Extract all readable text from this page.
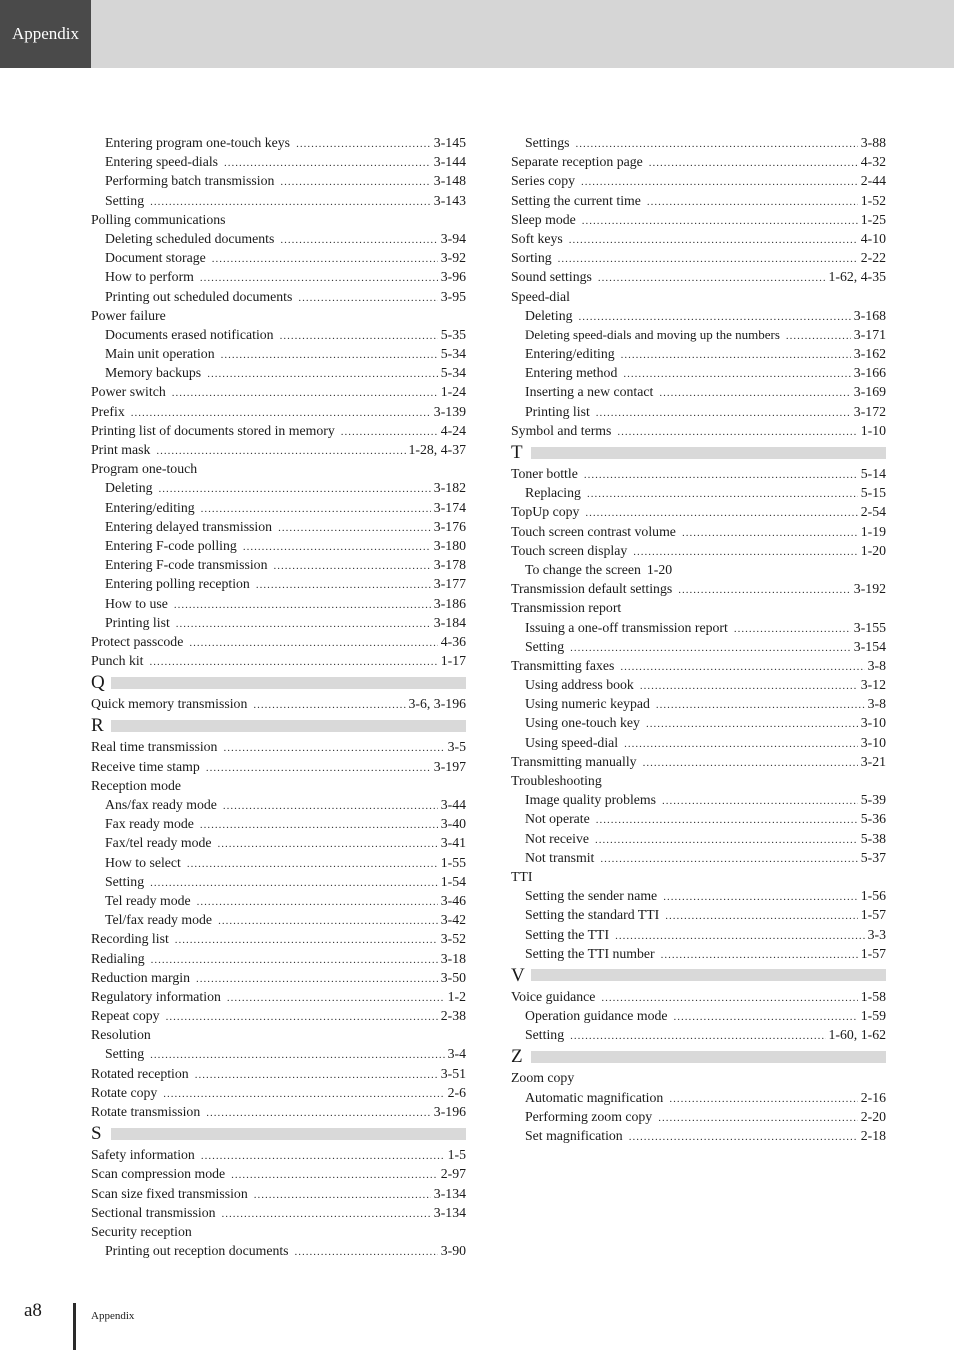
Appendix
Entering program one-touch keys .....	3-145
Entering speed-dials .....	3-144
Performing batch transmission .....	3-148
Setting .....	3-143
Polling communications
Deleting scheduled documents .....	3-94
Document storage .....	3-92
How to perform .....	3-96
Printing out scheduled documents .....	3-95
Power failure
Documents erased notification .....	5-35
Main unit operation .....	5-34
Memory backups .....	5-34
Power switch .....	1-24
Prefix .....	3-139
Printing list of documents stored in memory .....	4-24
Print mask .....	1-28, 4-37
Program one-touch
Deleting .....	3-182
Entering/editing .....	3-174
Entering delayed transmission .....	3-176
Entering F-code polling .....	3-180
Entering F-code transmission .....	3-178
Entering polling reception .....	3-177
How to use .....	3-186
Printing list .....	3-184
Protect passcode .....	4-36
Punch kit .....	1-17
Q
Quick memory transmission .....	3-6, 3-196
R
Real time transmission .....	3-5
Receive time stamp .....	3-197
Reception mode
Ans/fax ready mode .....	3-44
Fax ready mode .....	3-40
Fax/tel ready mode .....	3-41
How to select .....	1-55
Setting .....	1-54
Tel ready mode .....	3-46
Tel/fax ready mode .....	3-42
Recording list .....	3-52
Redialing .....	3-18
Reduction margin .....	3-50
Regulatory information .....	1-2
Repeat copy .....	2-38
Resolution
Setting .....	3-4
Rotated reception .....	3-51
Rotate copy .....	2-6
Rotate transmission .....	3-196
S
Safety information .....	1-5
Scan compression mode .....	2-97
Scan size fixed transmission .....	3-134
Sectional transmission .....	3-134
Security reception
Printing out reception documents .....	3-90
Settings .....	3-88
Separate reception page .....	4-32
Series copy .....	2-44
Setting the current time .....	1-52
Sleep mode .....	1-25
Soft keys .....	4-10
Sorting .....	2-22
Sound settings .....	1-62, 4-35
Speed-dial
Deleting .....	3-168
Deleting speed-dials and moving up the numbers .....	3-171
Entering/editing .....	3-162
Entering method .....	3-166
Inserting a new contact .....	3-169
Printing list .....	3-172
Symbol and terms .....	1-10
T
Toner bottle .....	5-14
Replacing .....	5-15
TopUp copy .....	2-54
Touch screen contrast volume .....	1-19
Touch screen display .....	1-20
To change the screen 1-20
Transmission default settings .....	3-192
Transmission report
Issuing a one-off transmission report .....	3-155
Setting .....	3-154
Transmitting faxes .....	3-8
Using address book .....	3-12
Using numeric keypad .....	3-8
Using one-touch key .....	3-10
Using speed-dial .....	3-10
Transmitting manually .....	3-21
Troubleshooting
Image quality problems .....	5-39
Not operate .....	5-36
Not receive .....	5-38
Not transmit .....	5-37
TTI
Setting the sender name .....	1-56
Setting the standard TTI .....	1-57
Setting the TTI .....	3-3
Setting the TTI number .....	1-57
V
Voice guidance .....	1-58
Operation guidance mode .....	1-59
Setting .....	1-60, 1-62
Z
Zoom copy
Automatic magnification .....	2-16
Performing zoom copy .....	2-20
Set magnification .....	2-18
a8	Appendix
